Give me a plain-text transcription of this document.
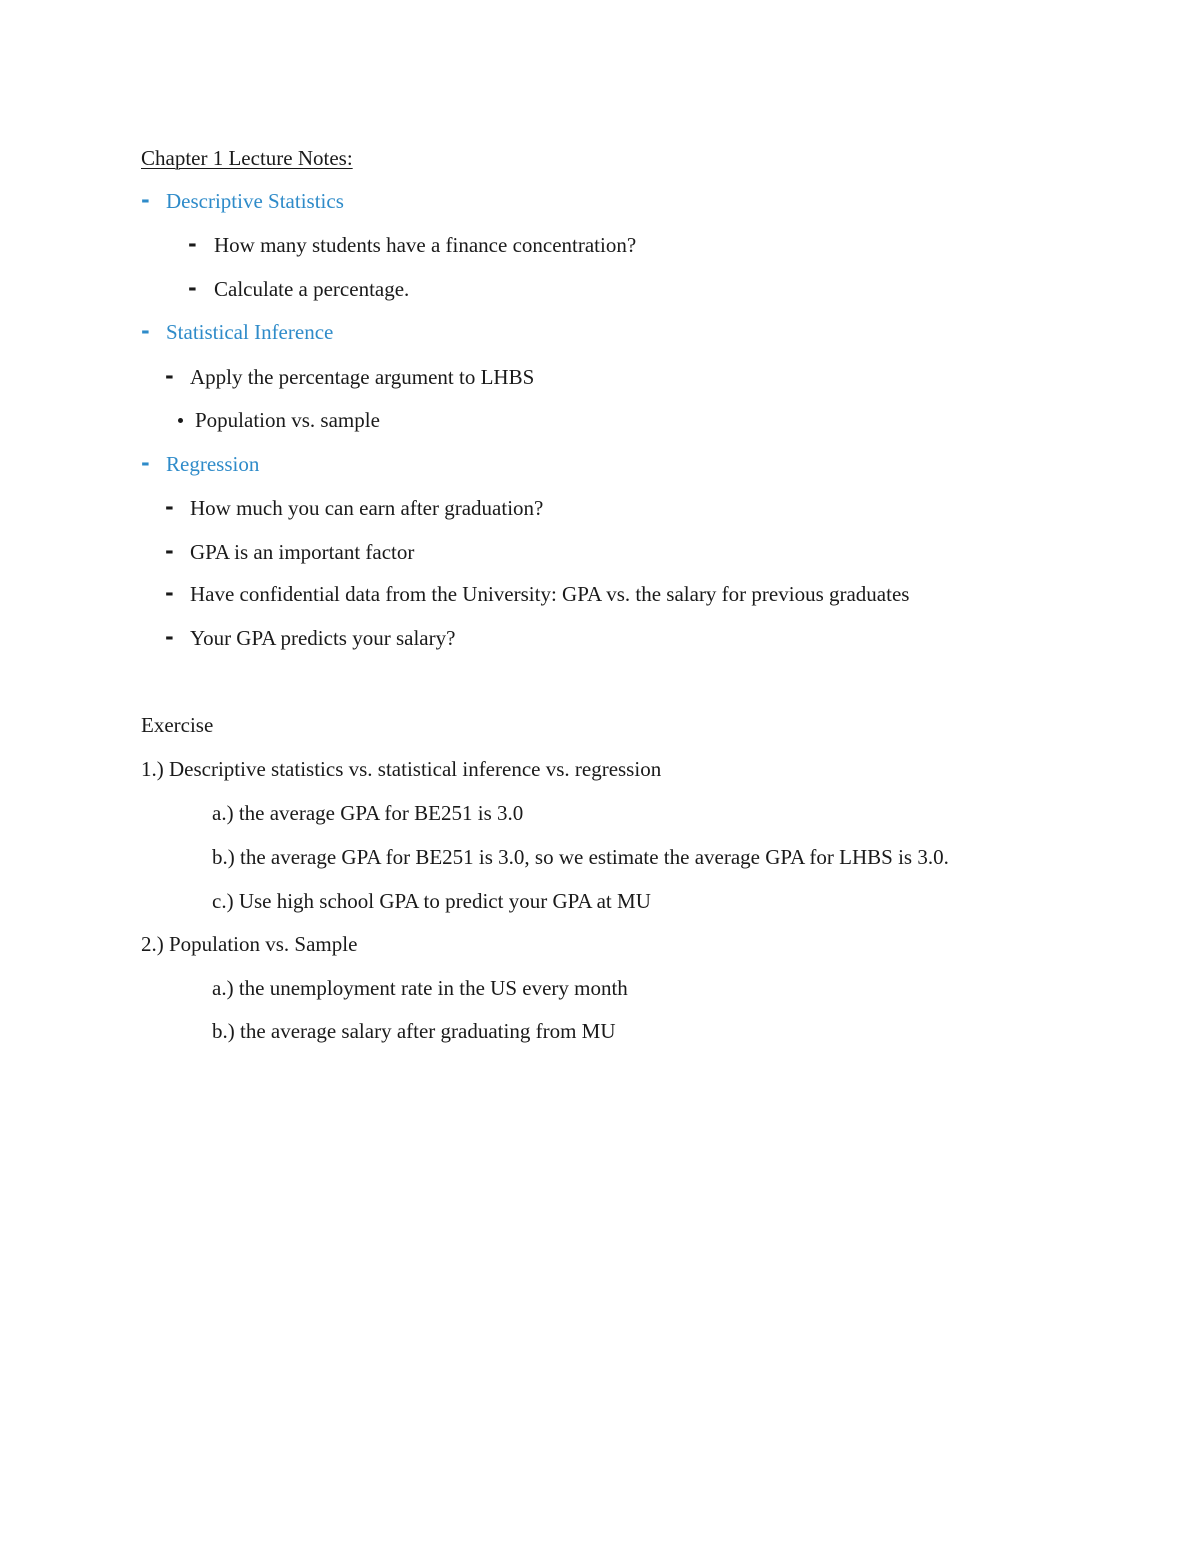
Chapter 1 Lecture Notes:
- Descriptive Statistics
- How many students have a finance concentration?
- Calculate a percentage.
- Statistical Inference
- Apply the percentage argument to LHBS
Population vs. sample
- Regression
- How much you can earn after graduation?
- GPA is an important factor
- Have confidential data from the University: GPA vs. the salary for previous graduates
- Your GPA predicts your salary?
Exercise
1.) Descriptive statistics vs. statistical inference vs. regression
a.) the average GPA for BE251 is 3.0
b.) the average GPA for BE251 is 3.0, so we estimate the average GPA for LHBS is 3.0.
c.) Use high school GPA to predict your GPA at MU
2.) Population vs. Sample
a.) the unemployment rate in the US every month
b.) the average salary after graduating from MU
